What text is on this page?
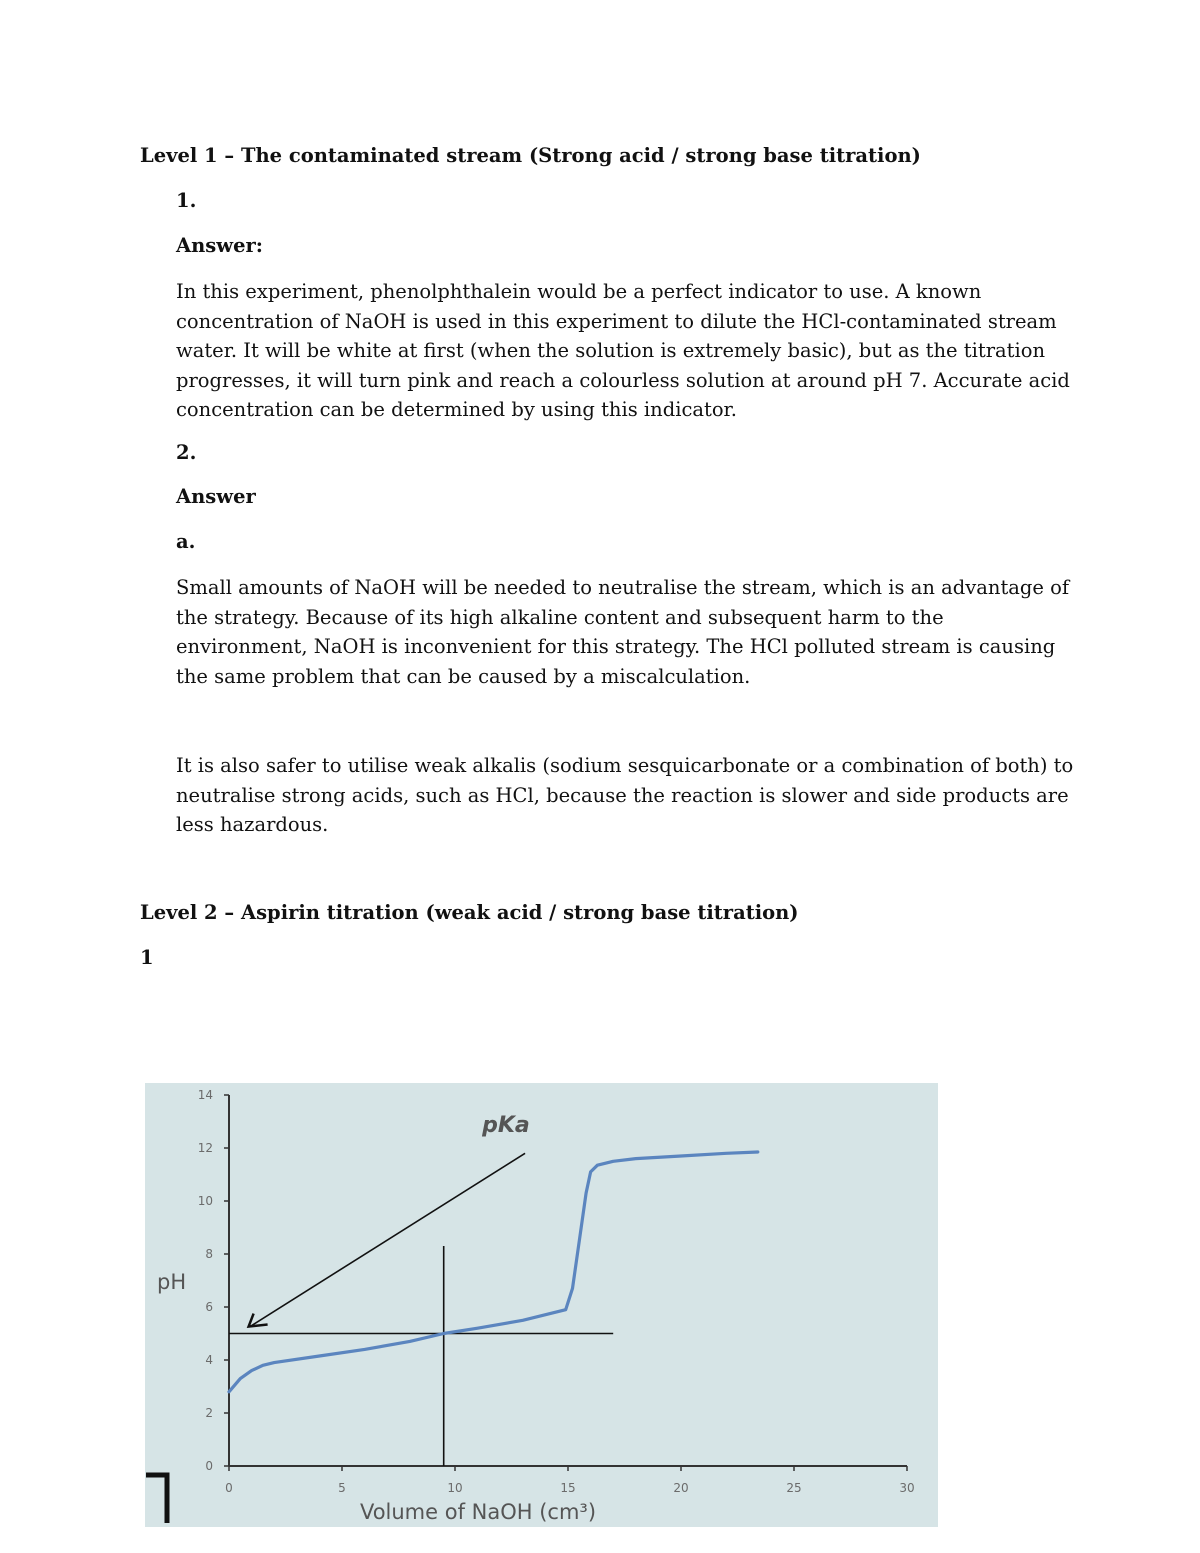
Level 1 – The contaminated stream (Strong acid / strong base titration)
1.
Answer:

In this experiment, phenolphthalein would be a perfect indicator to use. A known concentration of NaOH is used in this experiment to dilute the HCl-contaminated stream water. It will be white at first (when the solution is extremely basic), but as the titration progresses, it will turn pink and reach a colourless solution at around pH 7. Accurate acid concentration can be determined by using this indicator.

2.
Answer
a.

Small amounts of NaOH will be needed to neutralise the stream, which is an advantage of the strategy. Because of its high alkaline content and subsequent harm to the environment, NaOH is inconvenient for this strategy. The HCl polluted stream is causing the same problem that can be caused by a miscalculation.

It is also safer to utilise weak alkalis (sodium sesquicarbonate or a combination of both) to neutralise strong acids, such as HCl, because the reaction is slower and side products are less hazardous.

Level 2 – Aspirin titration (weak acid / strong base titration)
1
0	5	10	15	20	25	30
0
2
4
6
8
10
12
14
Volume of NaOH (cm³)
pH
pKa
